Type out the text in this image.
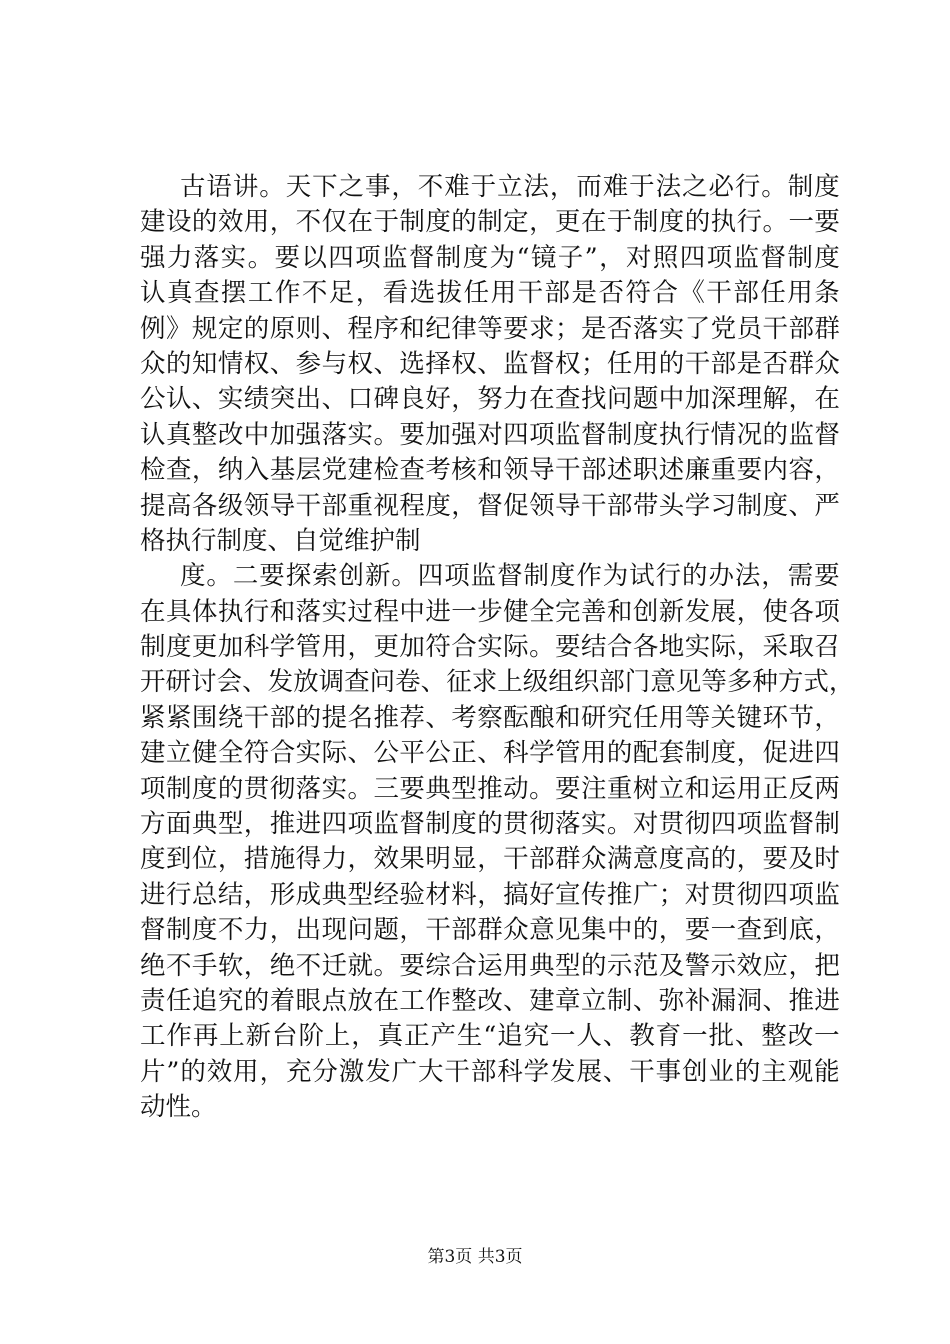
古 语 讲 。 天 下 之 事 ， 不 难 于 立 法 ， 而 难 于 法 之 必 行 。 制 度
建 设 的 效 用 ， 不 仅 在 于 制 度 的 制 定 ， 更 在 于 制 度 的 执 行 。 一 要
强 力 落 实 。 要 以 四 项 监 督 制 度 为 “ 镜 子 ” ， 对 照 四 项 监 督 制 度
认 真 查 摆 工 作 不 足 ， 看 选 拔 任 用 干 部 是 否 符 合 《 干 部 任 用 条
例 》 规 定 的 原 则 、 程 序 和 纪 律 等 要 求 ； 是 否 落 实 了 党 员 干 部 群
众 的 知 情 权 、 参 与 权 、 选 择 权 、 监 督 权 ； 任 用 的 干 部 是 否 群 众
公 认 、 实 绩 突 出 、 口 碑 良 好 ， 努 力 在 查 找 问 题 中 加 深 理 解 ， 在
认 真 整 改 中 加 强 落 实 。 要 加 强 对 四 项 监 督 制 度 执 行 情 况 的 监 督
检 查 ， 纳 入 基 层 党 建 检 查 考 核 和 领 导 干 部 述 职 述 廉 重 要 内 容 ，
提 高 各 级 领 导 干 部 重 视 程 度 ， 督 促 领 导 干 部 带 头 学 习 制 度 、 严
格执行制度、自觉维护制
度 。 二 要 探 索 创 新 。 四 项 监 督 制 度 作 为 试 行 的 办 法 ， 需 要
在 具 体 执 行 和 落 实 过 程 中 进 一 步 健 全 完 善 和 创 新 发 展 ， 使 各 项
制 度 更 加 科 学 管 用 ， 更 加 符 合 实 际 。 要 结 合 各 地 实 际 ， 采 取 召
开 研 讨 会 、 发 放 调 查 问 卷 、 征 求 上 级 组 织 部 门 意 见 等 多 种 方 式 ，
紧 紧 围 绕 干 部 的 提 名 推 荐 、 考 察 酝 酿 和 研 究 任 用 等 关 键 环 节 ，
建 立 健 全 符 合 实 际 、 公 平 公 正 、 科 学 管 用 的 配 套 制 度 ， 促 进 四
项 制 度 的 贯 彻 落 实 。 三 要 典 型 推 动 。 要 注 重 树 立 和 运 用 正 反 两
方 面 典 型 ， 推 进 四 项 监 督 制 度 的 贯 彻 落 实 。 对 贯 彻 四 项 监 督 制
度 到 位 ， 措 施 得 力 ， 效 果 明 显 ， 干 部 群 众 满 意 度 高 的 ， 要 及 时
进 行 总 结 ， 形 成 典 型 经 验 材 料 ， 搞 好 宣 传 推 广 ； 对 贯 彻 四 项 监
督 制 度 不 力 ， 出 现 问 题 ， 干 部 群 众 意 见 集 中 的 ， 要 一 查 到 底 ，
绝 不 手 软 ， 绝 不 迁 就 。 要 综 合 运 用 典 型 的 示 范 及 警 示 效 应 ， 把
责 任 追 究 的 着 眼 点 放 在 工 作 整 改 、 建 章 立 制 、 弥 补 漏 洞 、 推 进
工 作 再 上 新 台 阶 上 ， 真 正 产 生 “ 追 究 一 人 、 教 育 一 批 、 整 改 一
片 ” 的 效 用 ， 充 分 激 发 广 大 干 部 科 学 发 展 、 干 事 创 业 的 主 观 能
动性。
第3页 共3页
